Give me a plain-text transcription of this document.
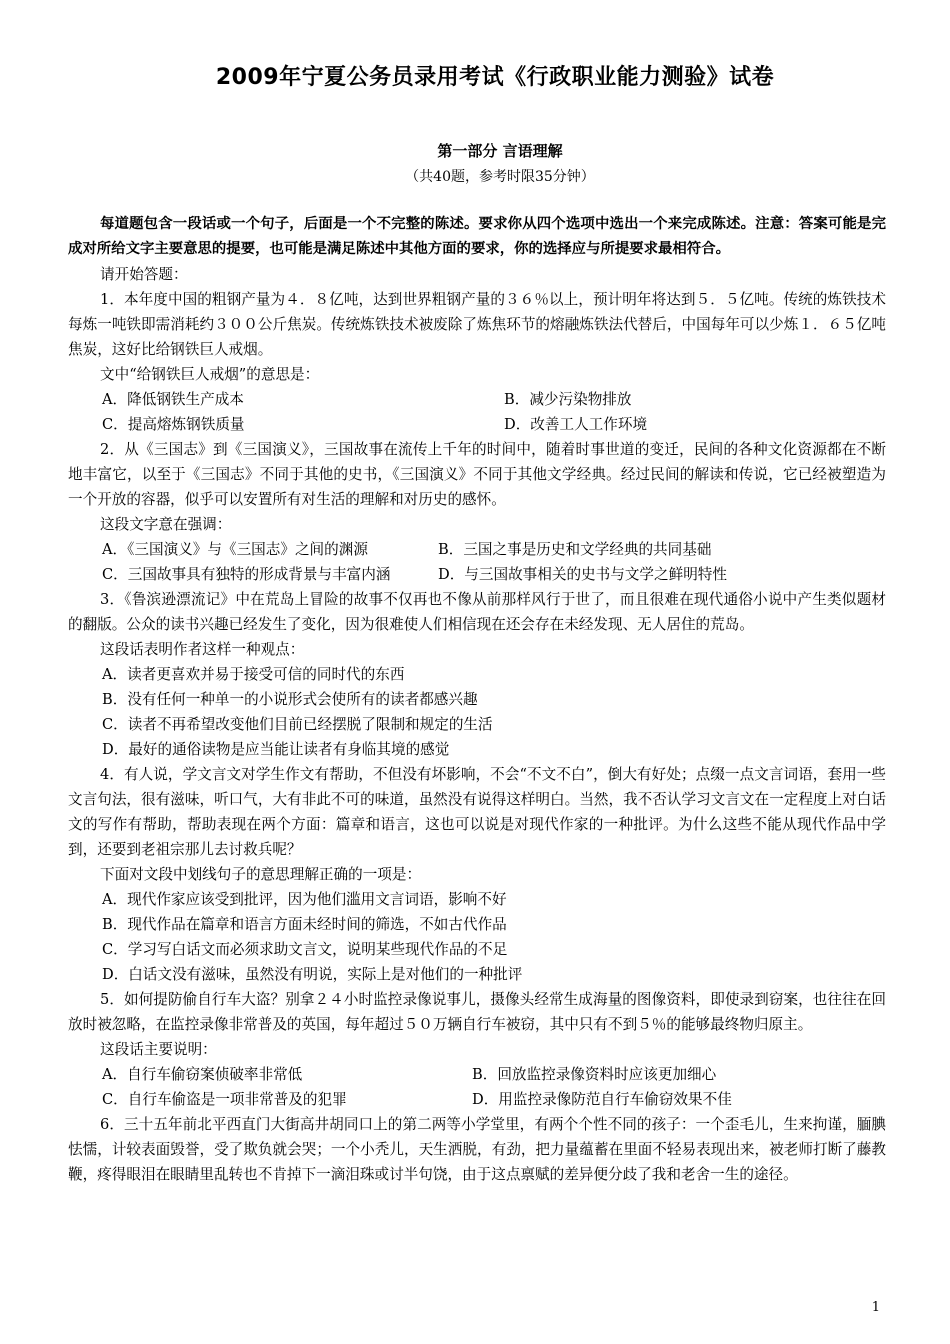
2009年宁夏公务员录用考试《行政职业能力测验》试卷
第一部分 言语理解
（共40题，参考时限35分钟）

每道题包含一段话或一个句子，后面是一个不完整的陈述。要求你从四个选项中选出一个来完成陈述。注意：答案可能是完成对所给文字主要意思的提要，也可能是满足陈述中其他方面的要求，你的选择应与所提要求最相符合。

请开始答题：

1．本年度中国的粗钢产量为４．８亿吨，达到世界粗钢产量的３６％以上，预计明年将达到５．５亿吨。传统的炼铁技术每炼一吨铁即需消耗约３００公斤焦炭。传统炼铁技术被废除了炼焦环节的熔融炼铁法代替后，中国每年可以少炼１．６５亿吨焦炭，这好比给钢铁巨人戒烟。

文中“给钢铁巨人戒烟”的意思是：

A．降低钢铁生产成本	B．减少污染物排放
C．提高熔炼钢铁质量	D．改善工人工作环境

2．从《三国志》到《三国演义》，三国故事在流传上千年的时间中，随着时事世道的变迁，民间的各种文化资源都在不断地丰富它，以至于《三国志》不同于其他的史书，《三国演义》不同于其他文学经典。经过民间的解读和传说，它已经被塑造为一个开放的容器，似乎可以安置所有对生活的理解和对历史的感怀。

这段文字意在强调：

A．《三国演义》与《三国志》之间的渊源	B．三国之事是历史和文学经典的共同基础
C．三国故事具有独特的形成背景与丰富内涵	D．与三国故事相关的史书与文学之鲜明特性

3．《鲁滨逊漂流记》中在荒岛上冒险的故事不仅再也不像从前那样风行于世了，而且很难在现代通俗小说中产生类似题材的翻版。公众的读书兴趣已经发生了变化，因为很难使人们相信现在还会存在未经发现、无人居住的荒岛。

这段话表明作者这样一种观点：

A．读者更喜欢并易于接受可信的同时代的东西

B．没有任何一种单一的小说形式会使所有的读者都感兴趣

C．读者不再希望改变他们目前已经摆脱了限制和规定的生活

D．最好的通俗读物是应当能让读者有身临其境的感觉

4．有人说，学文言文对学生作文有帮助，不但没有坏影响，不会“不文不白”，倒大有好处；点缀一点文言词语，套用一些文言句法，很有滋味，听口气，大有非此不可的味道，虽然没有说得这样明白。当然，我不否认学习文言文在一定程度上对白话文的写作有帮助，帮助表现在两个方面：篇章和语言，这也可以说是对现代作家的一种批评。为什么这些不能从现代作品中学到，还要到老祖宗那儿去讨救兵呢？

下面对文段中划线句子的意思理解正确的一项是：

A．现代作家应该受到批评，因为他们滥用文言词语，影响不好

B．现代作品在篇章和语言方面未经时间的筛选，不如古代作品

C．学习写白话文而必须求助文言文，说明某些现代作品的不足

D．白话文没有滋味，虽然没有明说，实际上是对他们的一种批评

5．如何提防偷自行车大盗？别拿２４小时监控录像说事儿，摄像头经常生成海量的图像资料，即使录到窃案，也往往在回放时被忽略，在监控录像非常普及的英国，每年超过５０万辆自行车被窃，其中只有不到５％的能够最终物归原主。

这段话主要说明：

A．自行车偷窃案侦破率非常低	B．回放监控录像资料时应该更加细心
C．自行车偷盗是一项非常普及的犯罪	D．用监控录像防范自行车偷窃效果不佳

6．三十五年前北平西直门大街高井胡同口上的第二两等小学堂里，有两个个性不同的孩子：一个歪毛儿，生来拘谨，腼腆怯懦，计较表面毁誉，受了欺负就会哭；一个小秃儿，天生洒脱，有劲，把力量蕴蓄在里面不轻易表现出来，被老师打断了藤教鞭，疼得眼泪在眼睛里乱转也不肯掉下一滴泪珠或讨半句饶，由于这点禀赋的差异便分歧了我和老舍一生的途径。

1
